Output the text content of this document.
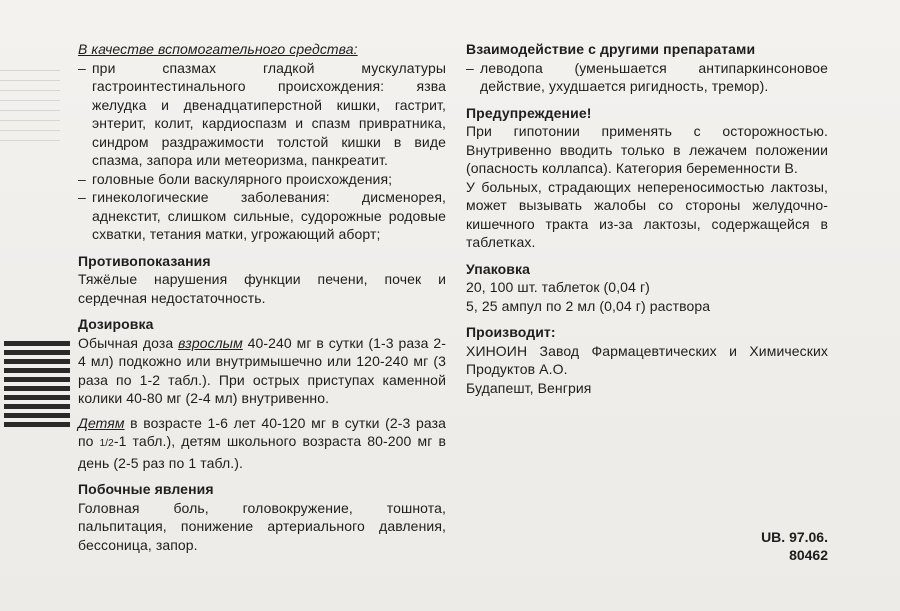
В качестве вспомогательного средства:

– при спазмах гладкой мускулатуры гастроинтестинального происхождения: язва желудка и двенадцатиперстной кишки, гастрит, энтерит, колит, кардиоспазм и спазм привратника, синдром раздражимости толстой кишки в виде спазма, запора или метеоризма, панкреатит.
– головные боли васкулярного происхождения;
– гинекологические заболевания: дисменорея, аднекстит, слишком сильные, судорожные родовые схватки, тетания матки, угрожающий аборт;

Противопоказания

Тяжёлые нарушения функции печени, почек и сердечная недостаточность.

Дозировка

Обычная доза взрослым 40-240 мг в сутки (1-3 раза 2-4 мл) подкожно или внутримышечно или 120-240 мг (3 раза по 1-2 табл.). При острых приступах каменной колики 40-80 мг (2-4 мл) внутривенно.

Детям в возрасте 1-6 лет 40-120 мг в сутки (2-3 раза по 1/2-1 табл.), детям школьного возраста 80-200 мг в день (2-5 раз по 1 табл.).

Побочные явления

Головная боль, головокружение, тошнота, пальпитация, понижение артериального давления, бессоница, запор.

Взаимодействие с другими препаратами

– леводопа (уменьшается антипаркинсоновое действие, ухудшается ригидность, тремор).

Предупреждение!

При гипотонии применять с осторожностью. Внутривенно вводить только в лежачем положении (опасность коллапса). Категория беременности В.

У больных, страдающих непереносимостью лактозы, может вызывать жалобы со стороны желудочно-кишечного тракта из-за лактозы, содержащейся в таблетках.

Упаковка

20, 100 шт. таблеток (0,04 г)

5, 25 ампул по 2 мл (0,04 г) раствора

Производит:

ХИНОИН Завод Фармацевтических и Химических Продуктов А.О.

Будапешт, Венгрия

UB. 97.06.
80462
